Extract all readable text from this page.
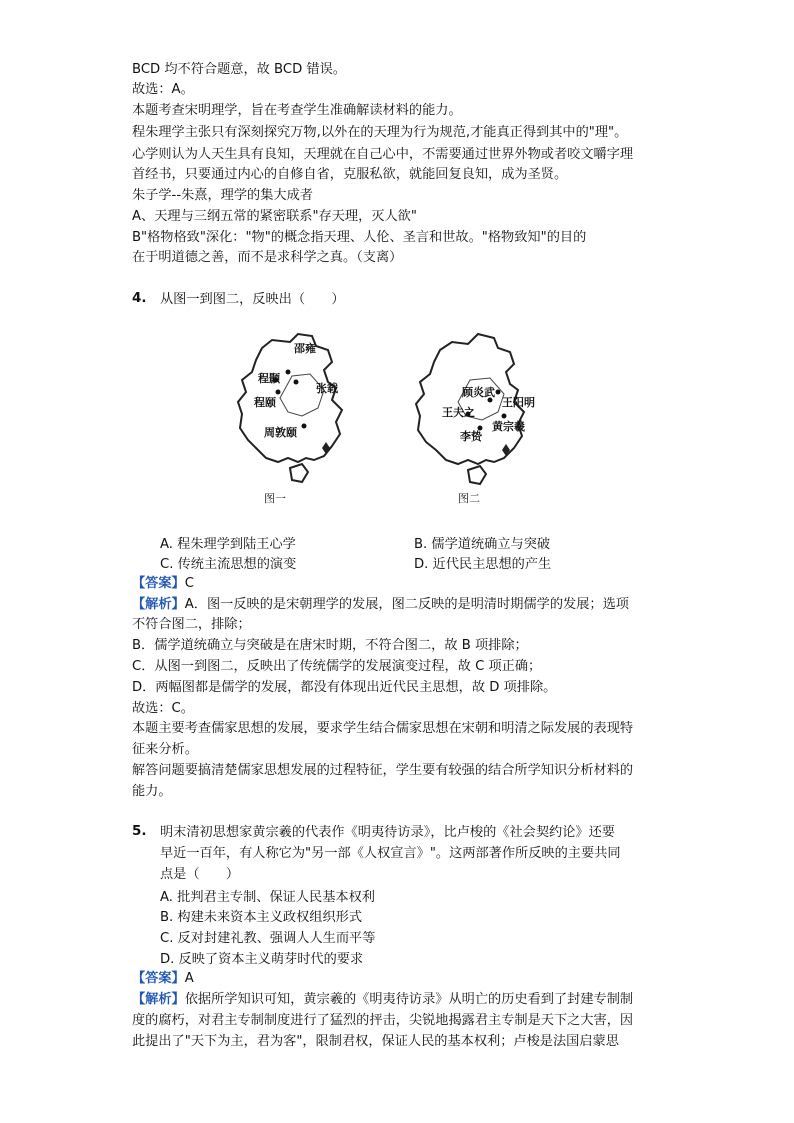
BCD 均不符合题意，故 BCD 错误。
故选：A。
本题考查宋明理学，旨在考查学生准确解读材料的能力。
程朱理学主张只有深刻探究万物,以外在的天理为行为规范,才能真正得到其中的"理"。
心学则认为人天生具有良知，天理就在自己心中，不需要通过世界外物或者咬文嚼字理
首经书，只要通过内心的自修自省，克服私欲，就能回复良知，成为圣贤。
朱子学--朱熹，理学的集大成者
A、天理与三纲五常的紧密联系"存天理，灭人欲"
B"格物格致"深化："物"的概念指天理、人伦、圣言和世故。"格物致知"的目的
在于明道德之善，而不是求科学之真。（支离）
4. 从图一到图二，反映出（　　）
邵雍
程颢
张载
程颐
周敦颐
图一
顾炎武
王阳明
王夫之
李贽
黄宗羲
图二
A. 程朱理学到陆王心学	B. 儒学道统确立与突破
C. 传统主流思想的演变	D. 近代民主思想的产生
【答案】C
【解析】A．图一反映的是宋朝理学的发展，图二反映的是明清时期儒学的发展；选项
不符合图二，排除；
B．儒学道统确立与突破是在唐宋时期，不符合图二，故 B 项排除；
C．从图一到图二，反映出了传统儒学的发展演变过程，故 C 项正确；
D．两幅图都是儒学的发展，都没有体现出近代民主思想，故 D 项排除。
故选：C。
本题主要考查儒家思想的发展，要求学生结合儒家思想在宋朝和明清之际发展的表现特
征来分析。
解答问题要搞清楚儒家思想发展的过程特征，学生要有较强的结合所学知识分析材料的
能力。
5. 明末清初思想家黄宗羲的代表作《明夷待访录》，比卢梭的《社会契约论》还要
早近一百年，有人称它为"另一部《人权宣言》"。这两部著作所反映的主要共同
点是（　　）
A. 批判君主专制、保证人民基本权利
B. 构建未来资本主义政权组织形式
C. 反对封建礼教、强调人人生而平等
D. 反映了资本主义萌芽时代的要求
【答案】A
【解析】依据所学知识可知，黄宗羲的《明夷待访录》从明亡的历史看到了封建专制制
度的腐朽，对君主专制制度进行了猛烈的抨击，尖锐地揭露君主专制是天下之大害，因
此提出了"天下为主，君为客"，限制君权，保证人民的基本权利；卢梭是法国启蒙思
